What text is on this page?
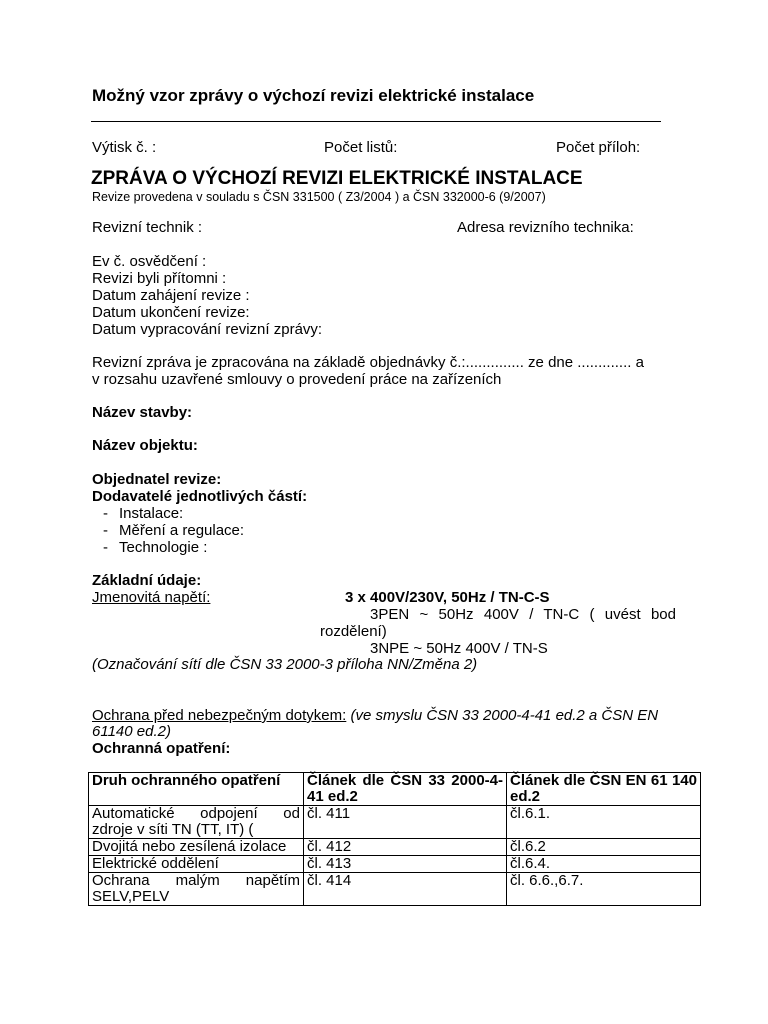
Možný vzor zprávy o výchozí revizi elektrické instalace
Výtisk č. :	Počet listů:	Počet příloh:
ZPRÁVA O VÝCHOZÍ REVIZI ELEKTRICKÉ INSTALACE
Revize provedena v souladu s ČSN 331500 ( Z3/2004 ) a ČSN 332000-6 (9/2007)
Revizní technik :	Adresa revizního technika:
Ev č. osvědčení :
Revizi byli přítomni :
Datum zahájení revize :
Datum ukončení revize:
Datum vypracování revizní zprávy:
Revizní zpráva je zpracována na základě objednávky č.:.............. ze dne ............. a
v rozsahu uzavřené smlouvy o provedení práce na zařízeních
Název stavby:
Název objektu:
Objednatel revize:
Dodavatelé jednotlivých částí:
- Instalace:
- Měření a regulace:
- Technologie :
Základní údaje:
Jmenovitá napětí:	3 x 400V/230V, 50Hz / TN-C-S
3PEN ~ 50Hz 400V / TN-C ( uvést bod
rozdělení)
3NPE ~ 50Hz 400V / TN-S
(Označování sítí dle ČSN 33 2000-3 příloha NN/Změna 2)
Ochrana před nebezpečným dotykem: (ve smyslu ČSN 33 2000-4-41 ed.2 a ČSN EN
61140 ed.2)
Ochranná opatření:
Druh ochranného opatření	Článek dle ČSN 33 2000-4-41 ed.2	Článek dle ČSN EN 61 140 ed.2
Automatické odpojení od zdroje v síti TN (TT, IT) (	čl. 411	čl.6.1.
Dvojitá nebo zesílená izolace	čl. 412	čl.6.2
Elektrické oddělení	čl. 413	čl.6.4.
Ochrana malým napětím SELV,PELV	čl. 414	čl. 6.6.,6.7.
